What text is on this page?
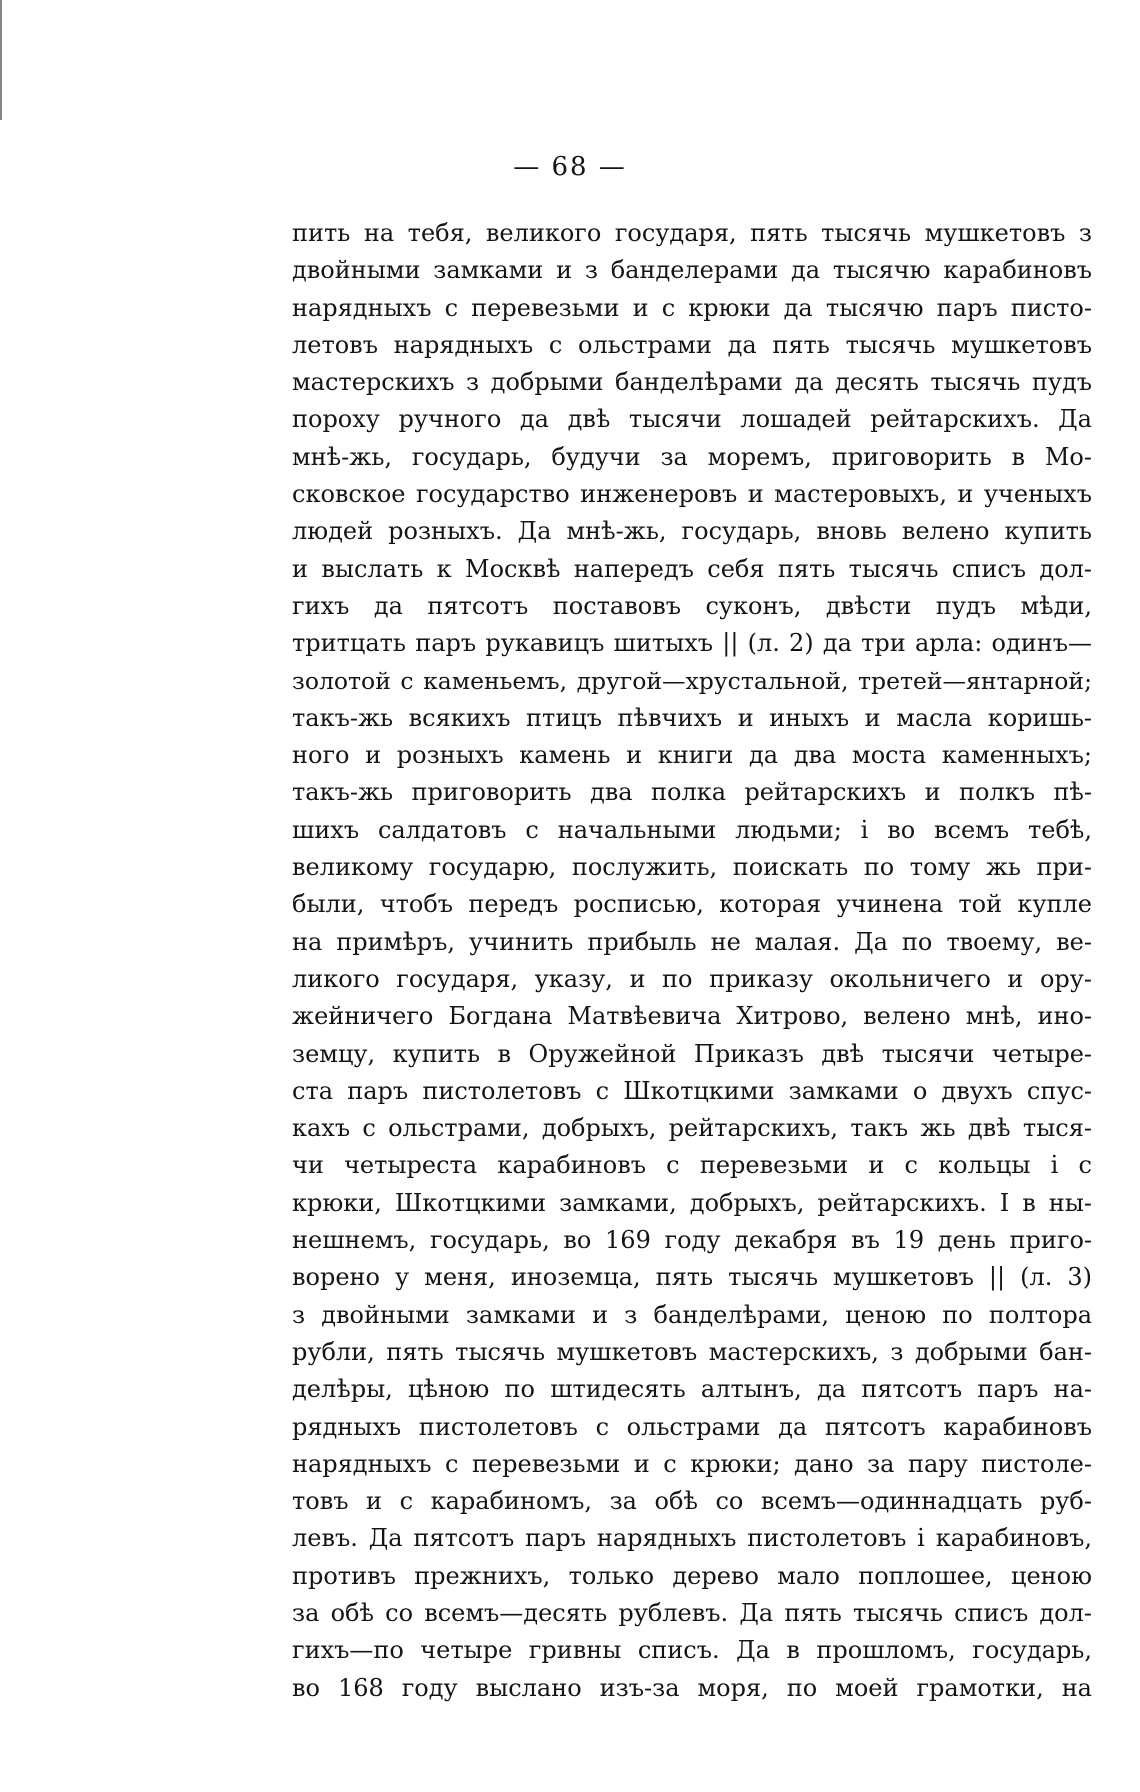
— 68 —
пить на тебя, великого государя, пять тысячь мушкетовъ з
двойными замками и з банделерами да тысячю карабиновъ
нарядныхъ с перевезьми и с крюки да тысячю паръ писто-
летовъ нарядныхъ с ольстрами да пять тысячь мушкетовъ
мастерскихъ з добрыми банделѣрами да десять тысячь пудъ
пороху ручного да двѣ тысячи лошадей рейтарскихъ. Да
мнѣ-жь, государь, будучи за моремъ, приговорить в Мо-
сковское государство инженеровъ и мастеровыхъ, и ученыхъ
людей розныхъ. Да мнѣ-жь, государь, вновь велено купить
и выслать к Москвѣ напередъ себя пять тысячь списъ дол-
гихъ да пятсотъ поставовъ суконъ, двѣсти пудъ мѣди,
тритцать паръ рукавицъ шитыхъ || (л. 2) да три арла: одинъ—
золотой с каменьемъ, другой—хрустальной, третей—янтарной;
такъ-жь всякихъ птицъ пѣвчихъ и иныхъ и масла коришь-
ного и розныхъ камень и книги да два моста каменныхъ;
такъ-жь приговорить два полка рейтарскихъ и полкъ пѣ-
шихъ салдатовъ с начальными людьми; і во всемъ тебѣ,
великому государю, послужить, поискать по тому жь при-
были, чтобъ передъ росписью, которая учинена той купле
на примѣръ, учинить прибыль не малая. Да по твоему, ве-
ликого государя, указу, и по приказу окольничего и ору-
жейничего Богдана Матвѣевича Хитрово, велено мнѣ, ино-
земцу, купить в Оружейной Приказъ двѣ тысячи четыре-
ста паръ пистолетовъ с Шкотцкими замками о двухъ спус-
кахъ с ольстрами, добрыхъ, рейтарскихъ, такъ жь двѣ тыся-
чи четыреста карабиновъ с перевезьми и с кольцы і с
крюки, Шкотцкими замками, добрыхъ, рейтарскихъ. І в ны-
нешнемъ, государь, во 169 году декабря въ 19 день приго-
ворено у меня, иноземца, пять тысячь мушкетовъ || (л. 3)
з двойными замками и з банделѣрами, ценою по полтора
рубли, пять тысячь мушкетовъ мастерскихъ, з добрыми бан-
делѣры, цѣною по штидесять алтынъ, да пятсотъ паръ на-
рядныхъ пистолетовъ с ольстрами да пятсотъ карабиновъ
нарядныхъ с перевезьми и с крюки; дано за пару пистоле-
товъ и с карабиномъ, за обѣ со всемъ—одиннадцать руб-
левъ. Да пятсотъ паръ нарядныхъ пистолетовъ і карабиновъ,
противъ прежнихъ, только дерево мало поплошее, ценою
за обѣ со всемъ—десять рублевъ. Да пять тысячь списъ дол-
гихъ—по четыре гривны списъ. Да в прошломъ, государь,
во 168 году выслано изъ-за моря, по моей грамотки, на
